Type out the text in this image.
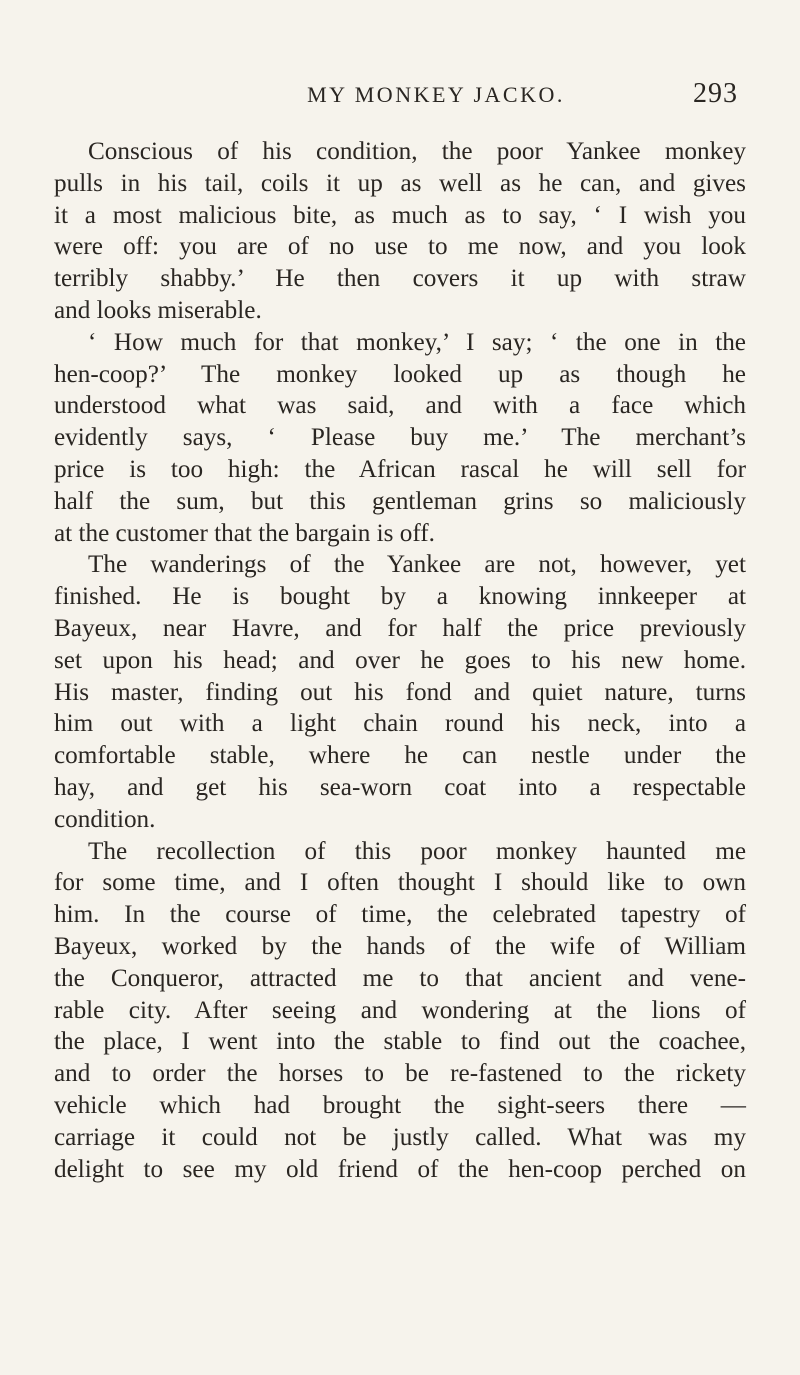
MY MONKEY JACKO.	293

Conscious of his condition, the poor Yankee monkey
pulls in his tail, coils it up as well as he can, and gives
it a most malicious bite, as much as to say, ‘ I wish you
were off: you are of no use to me now, and you look
terribly shabby.’ He then covers it up with straw
and looks miserable.

‘ How much for that monkey,’ I say; ‘ the one in the
hen-coop?’ The monkey looked up as though he
understood what was said, and with a face which
evidently says, ‘ Please buy me.’ The merchant’s
price is too high: the African rascal he will sell for
half the sum, but this gentleman grins so maliciously
at the customer that the bargain is off.

The wanderings of the Yankee are not, however, yet
finished. He is bought by a knowing innkeeper at
Bayeux, near Havre, and for half the price previously
set upon his head; and over he goes to his new home.
His master, finding out his fond and quiet nature, turns
him out with a light chain round his neck, into a
comfortable stable, where he can nestle under the
hay, and get his sea-worn coat into a respectable
condition.

The recollection of this poor monkey haunted me
for some time, and I often thought I should like to own
him. In the course of time, the celebrated tapestry of
Bayeux, worked by the hands of the wife of William
the Conqueror, attracted me to that ancient and vene-
rable city. After seeing and wondering at the lions of
the place, I went into the stable to find out the coachee,
and to order the horses to be re-fastened to the rickety
vehicle which had brought the sight-seers there —
carriage it could not be justly called. What was my
delight to see my old friend of the hen-coop perched on
